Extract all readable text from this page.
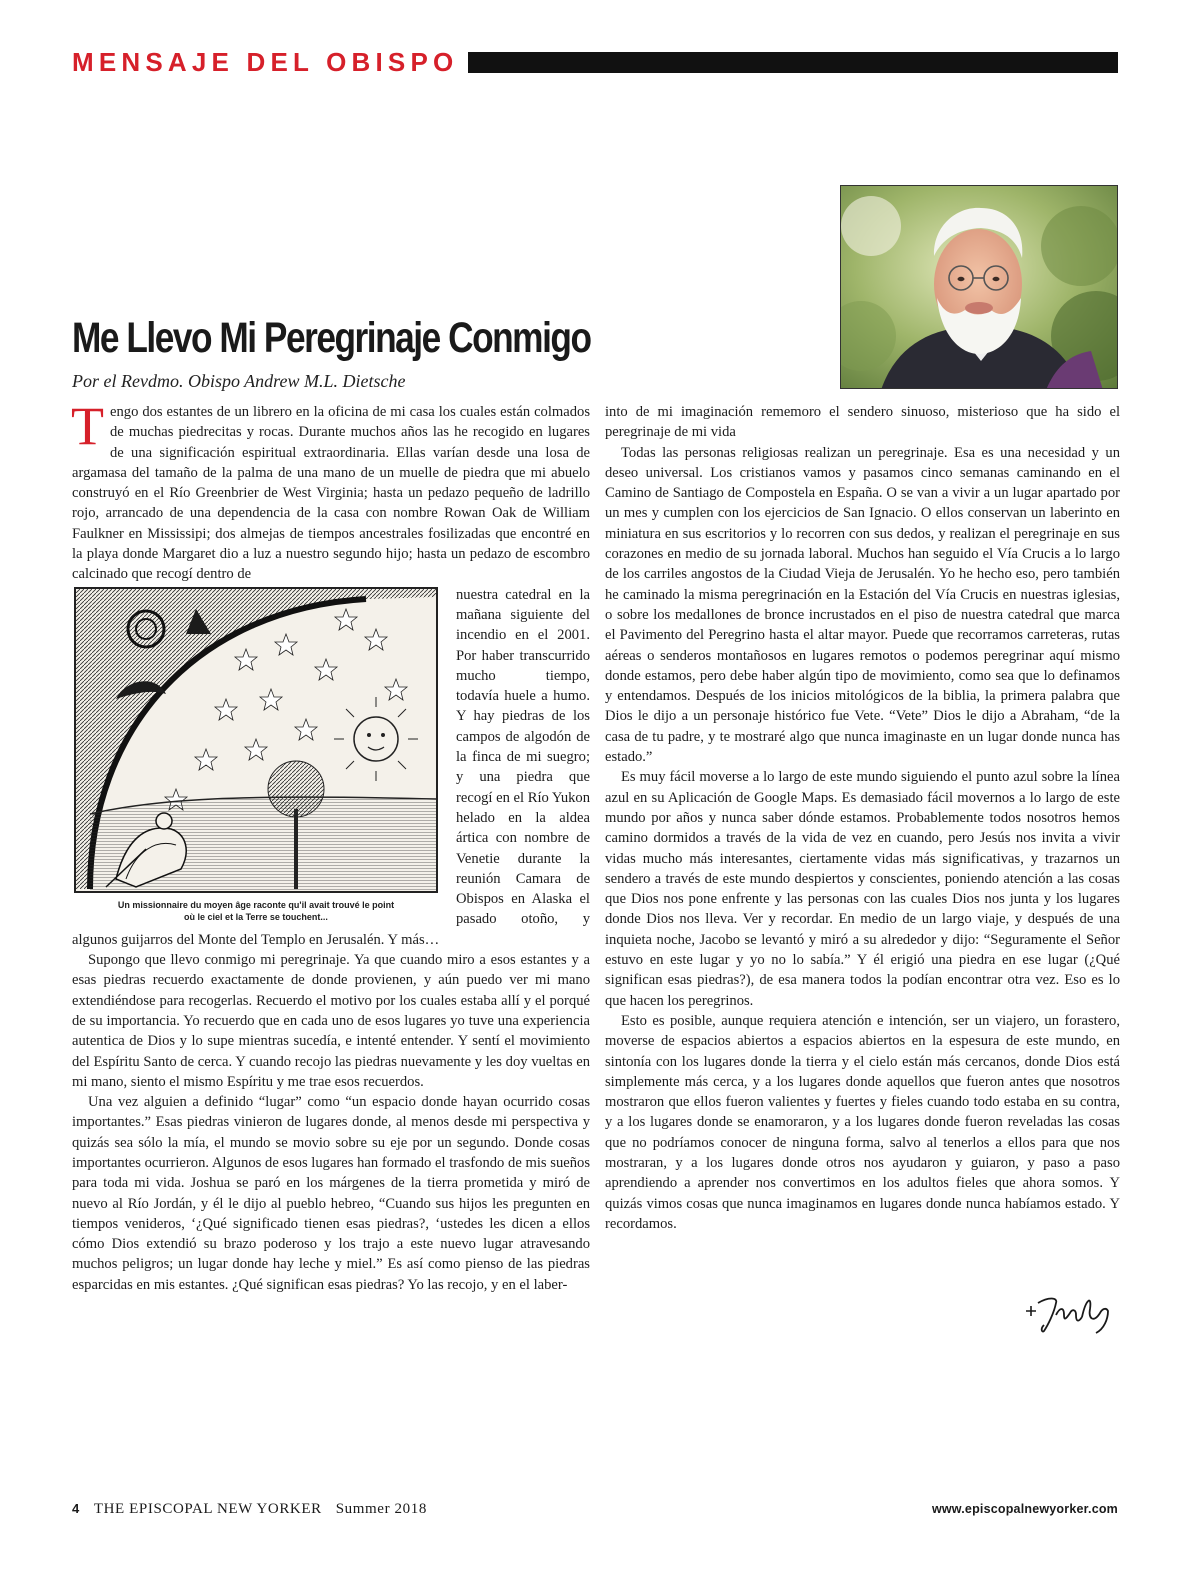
MENSAJE DEL OBISPO
Me Llevo Mi Peregrinaje Conmigo
Por el Revdmo. Obispo Andrew M.L. Dietsche

Tengo dos estantes de un librero en la oficina de mi casa los cuales están colmados de muchas piedrecitas y rocas. Durante muchos años las he recogido en lugares de una significación espiritual extraordinaria. Ellas varían desde una losa de argamasa del tamaño de la palma de una mano de un muelle de piedra que mi abuelo construyó en el Río Greenbrier de West Virginia; hasta un pedazo pequeño de ladrillo rojo, arrancado de una dependencia de la casa con nombre Rowan Oak de William Faulkner en Mississipi; dos almejas de tiempos ancestrales fosilizadas que encontré en la playa donde Margaret dio a luz a nuestro segundo hijo; hasta un pedazo de escombro calcinado que recogí dentro de

Un missionnaire du moyen âge raconte qu'il avait trouvé le point
où le ciel et la Terre se touchent...

nuestra catedral en la mañana siguiente del incendio en el 2001. Por haber transcurrido mucho tiempo, todavía huele a humo. Y hay piedras de los campos de algodón de la finca de mi suegro; y una piedra que recogí en el Río Yukon helado en la aldea ártica con nombre de Venetie durante la reunión Camara de Obispos en Alaska el pasado otoño, y algunos guijarros del Monte del Templo en Jerusalén. Y más…

Supongo que llevo conmigo mi peregrinaje. Ya que cuando miro a esos estantes y a esas piedras recuerdo exactamente de donde provienen, y aún puedo ver mi mano extendiéndose para recogerlas. Recuerdo el motivo por los cuales estaba allí y el porqué de su importancia. Yo recuerdo que en cada uno de esos lugares yo tuve una experiencia autentica de Dios y lo supe mientras sucedía, e intenté entender. Y sentí el movimiento del Espíritu Santo de cerca. Y cuando recojo las piedras nuevamente y les doy vueltas en mi mano, siento el mismo Espíritu y me trae esos recuerdos.

Una vez alguien a definido “lugar” como “un espacio donde hayan ocurrido cosas importantes.” Esas piedras vinieron de lugares donde, al menos desde mi perspectiva y quizás sea sólo la mía, el mundo se movio sobre su eje por un segundo. Donde cosas importantes ocurrieron. Algunos de esos lugares han formado el trasfondo de mis sueños para toda mi vida. Joshua se paró en los márgenes de la tierra prometida y miró de nuevo al Río Jordán, y él le dijo al pueblo hebreo, “Cuando sus hijos les pregunten en tiempos venideros, ‘¿Qué significado tienen esas piedras?, ‘ustedes les dicen a ellos cómo Dios extendió su brazo poderoso y los trajo a este nuevo lugar atravesando muchos peligros; un lugar donde hay leche y miel.” Es así como pienso de las piedras esparcidas en mis estantes. ¿Qué significan esas piedras? Yo las recojo, y en el laber-

into de mi imaginación rememoro el sendero sinuoso, misterioso que ha sido el peregrinaje de mi vida

Todas las personas religiosas realizan un peregrinaje. Esa es una necesidad y un deseo universal. Los cristianos vamos y pasamos cinco semanas caminando en el Camino de Santiago de Compostela en España. O se van a vivir a un lugar apartado por un mes y cumplen con los ejercicios de San Ignacio. O ellos conservan un laberinto en miniatura en sus escritorios y lo recorren con sus dedos, y realizan el peregrinaje en sus corazones en medio de su jornada laboral. Muchos han seguido el Vía Crucis a lo largo de los carriles angostos de la Ciudad Vieja de Jerusalén. Yo he hecho eso, pero también he caminado la misma peregrinación en la Estación del Vía Crucis en nuestras iglesias, o sobre los medallones de bronce incrustados en el piso de nuestra catedral que marca el Pavimento del Peregrino hasta el altar mayor. Puede que recorramos carreteras, rutas aéreas o senderos montañosos en lugares remotos o podemos peregrinar aquí mismo donde estamos, pero debe haber algún tipo de movimiento, como sea que lo definamos y entendamos. Después de los inicios mitológicos de la biblia, la primera palabra que Dios le dijo a un personaje histórico fue Vete. “Vete” Dios le dijo a Abraham, “de la casa de tu padre, y te mostraré algo que nunca imaginaste en un lugar donde nunca has estado.”

Es muy fácil moverse a lo largo de este mundo siguiendo el punto azul sobre la línea azul en su Aplicación de Google Maps. Es demasiado fácil movernos a lo largo de este mundo por años y nunca saber dónde estamos. Probablemente todos nosotros hemos camino dormidos a través de la vida de vez en cuando, pero Jesús nos invita a vivir vidas mucho más interesantes, ciertamente vidas más significativas, y trazarnos un sendero a través de este mundo despiertos y conscientes, poniendo atención a las cosas que Dios nos pone enfrente y las personas con las cuales Dios nos junta y los lugares donde Dios nos lleva. Ver y recordar. En medio de un largo viaje, y después de una inquieta noche, Jacobo se levantó y miró a su alrededor y dijo: “Seguramente el Señor estuvo en este lugar y yo no lo sabía.” Y él erigió una piedra en ese lugar (¿Qué significan esas piedras?), de esa manera todos la podían encontrar otra vez. Eso es lo que hacen los peregrinos.

Esto es posible, aunque requiera atención e intención, ser un viajero, un forastero, moverse de espacios abiertos a espacios abiertos en la espesura de este mundo, en sintonía con los lugares donde la tierra y el cielo están más cercanos, donde Dios está simplemente más cerca, y a los lugares donde aquellos que fueron antes que nosotros mostraron que ellos fueron valientes y fuertes y fieles cuando todo estaba en su contra, y a los lugares donde se enamoraron, y a los lugares donde fueron reveladas las cosas que no podríamos conocer de ninguna forma, salvo al tenerlos a ellos para que nos mostraran, y a los lugares donde otros nos ayudaron y guiaron, y paso a paso aprendiendo a aprender nos convertimos en los adultos fieles que ahora somos. Y quizás vimos cosas que nunca imaginamos en lugares donde nunca habíamos estado. Y recordamos.

4 THE EPISCOPAL NEW YORKER Summer 2018	www.episcopalnewyorker.com
